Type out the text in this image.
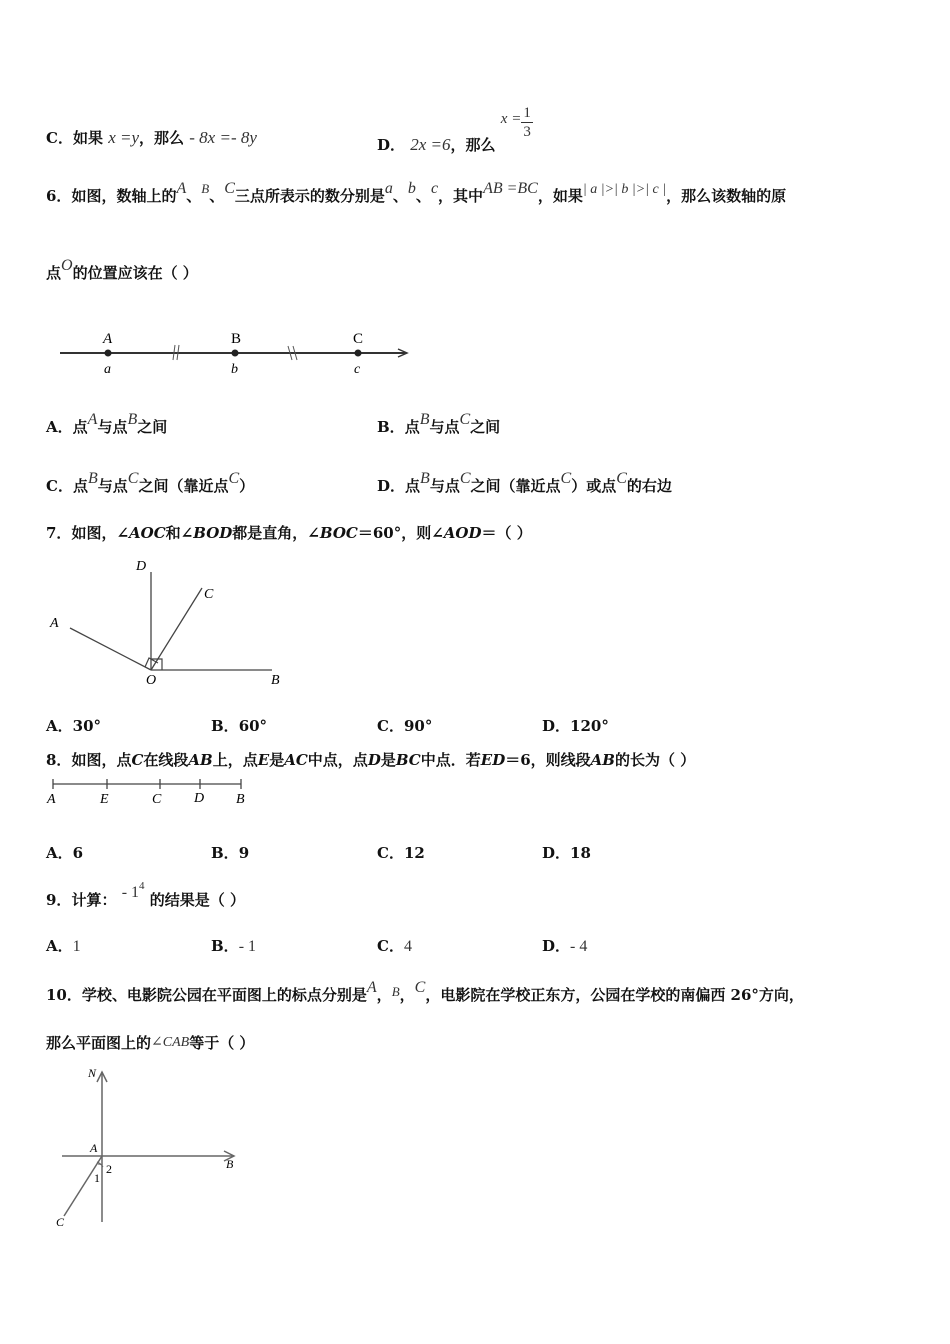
C．如果 x =y，那么 - 8x =- 8y	D． 2x =6，那么 $x = \frac{1}{3}$
6．如图，数轴上的A、B、C三点所表示的数分别是a、b、c，其中AB =BC，如果| a |>| b |>| c |，那么该数轴的原
点O的位置应该在（ ）
A	B	C
a	b	c
A．点A与点B之间	B．点B与点C之间
C．点B与点C之间（靠近点C）	D．点B与点C之间（靠近点C）或点C的右边
7．如图，∠AOC和∠BOD都是直角，∠BOC＝60°，则∠AOD＝（ ）
D
C
A
O	B
A．30°	B．60°	C．90°	D．120°
8．如图，点C在线段AB上，点E是AC中点，点D是BC中点．若ED＝6，则线段AB的长为（ ）
A	E	C D B
A．6	B．9	C．12	D．18
9．计算： - $1^4$ 的结果是（ ）
A．1	B．- 1	C．4	D．- 4
10．学校、电影院公园在平面图上的标点分别是A，B，C，电影院在学校正东方，公园在学校的南偏西 26°方向，
那么平面图上的∠CAB等于（ ）
N
A
B
2
1
C
